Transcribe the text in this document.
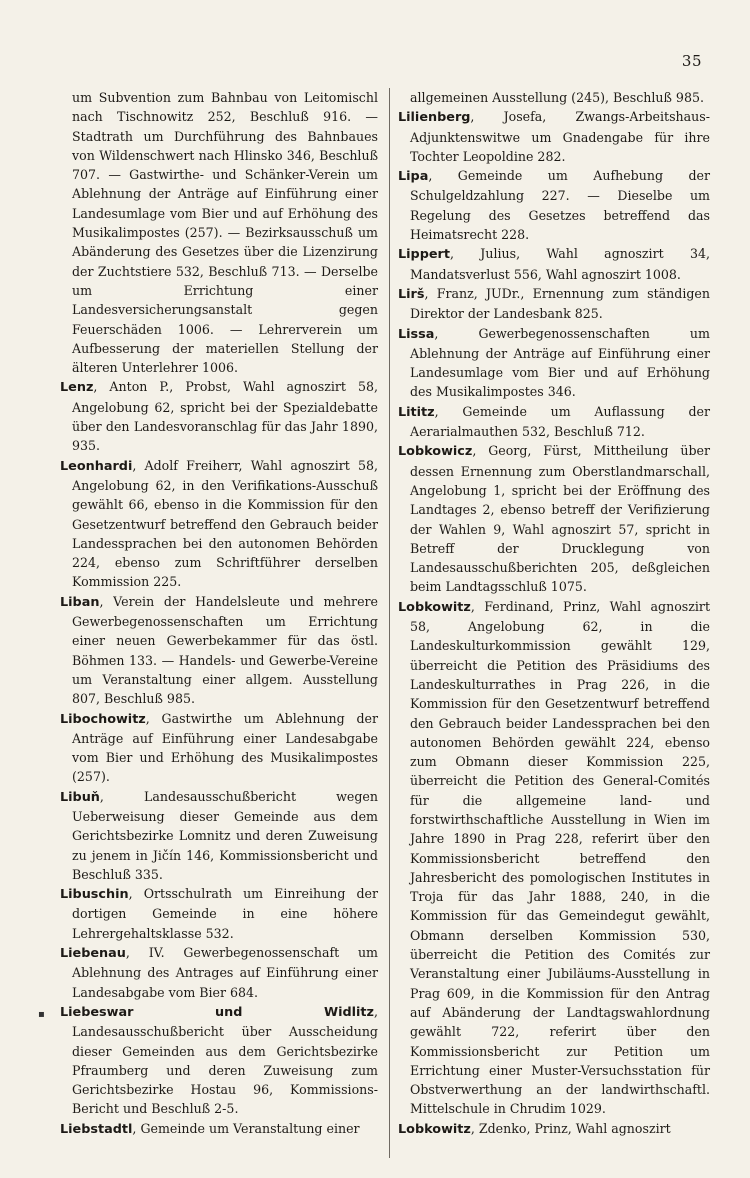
35

um Subvention zum Bahnbau von Leitomischl nach Tischnowitz 252, Beschluß 916. — Stadtrath um Durchführung des Bahnbaues von Wildenschwert nach Hlinsko 346, Beschluß 707. — Gastwirthe- und Schänker-Verein um Ablehnung der Anträge auf Einführung einer Landesumlage vom Bier und auf Erhöhung des Musikalimpostes (257). — Bezirksausschuß um Abänderung des Gesetzes über die Lizenzirung der Zuchtstiere 532, Beschluß 713. — Derselbe um Errichtung einer Landesversicherungsanstalt gegen Feuerschäden 1006. — Lehrerverein um Aufbesserung der materiellen Stellung der älteren Unterlehrer 1006.

Lenz, Anton P., Probst, Wahl agnoszirt 58, Angelobung 62, spricht bei der Spezialdebatte über den Landesvoranschlag für das Jahr 1890, 935.

Leonhardi, Adolf Freiherr, Wahl agnoszirt 58, Angelobung 62, in den Verifikations-Ausschuß gewählt 66, ebenso in die Kommission für den Gesetzentwurf betreffend den Gebrauch beider Landessprachen bei den autonomen Behörden 224, ebenso zum Schriftführer derselben Kommission 225.

Liban, Verein der Handelsleute und mehrere Gewerbegenossenschaften um Errichtung einer neuen Gewerbekammer für das östl. Böhmen 133. — Handels- und Gewerbe-Vereine um Veranstaltung einer allgem. Ausstellung 807, Beschluß 985.

Libochowitz, Gastwirthe um Ablehnung der Anträge auf Einführung einer Landesabgabe vom Bier und Erhöhung des Musikalimpostes (257).

Libuň, Landesausschußbericht wegen Ueberweisung dieser Gemeinde aus dem Gerichtsbezirke Lomnitz und deren Zuweisung zu jenem in Jičín 146, Kommissionsbericht und Beschluß 335.

Libuschin, Ortsschulrath um Einreihung der dortigen Gemeinde in eine höhere Lehrergehaltsklasse 532.

Liebenau, IV. Gewerbegenossenschaft um Ablehnung des Antrages auf Einführung einer Landesabgabe vom Bier 684.

Liebeswar und Widlitz, Landesausschußbericht über Ausscheidung dieser Gemeinden aus dem Gerichtsbezirke Pfraumberg und deren Zuweisung zum Gerichtsbezirke Hostau 96, Kommissions-Bericht und Beschluß 2-5.

Liebstadtl, Gemeinde um Veranstaltung einer

allgemeinen Ausstellung (245), Beschluß 985.

Lilienberg, Josefa, Zwangs-Arbeitshaus-Adjunktenswitwe um Gnadengabe für ihre Tochter Leopoldine 282.

Lipa, Gemeinde um Aufhebung der Schulgeldzahlung 227. — Dieselbe um Regelung des Gesetzes betreffend das Heimatsrecht 228.

Lippert, Julius, Wahl agnoszirt 34, Mandatsverlust 556, Wahl agnoszirt 1008.

Lirš, Franz, JUDr., Ernennung zum ständigen Direktor der Landesbank 825.

Lissa, Gewerbegenossenschaften um Ablehnung der Anträge auf Einführung einer Landesumlage vom Bier und auf Erhöhung des Musikalimpostes 346.

Lititz, Gemeinde um Auflassung der Aerarialmauthen 532, Beschluß 712.

Lobkowicz, Georg, Fürst, Mittheilung über dessen Ernennung zum Oberstlandmarschall, Angelobung 1, spricht bei der Eröffnung des Landtages 2, ebenso betreff der Verifizierung der Wahlen 9, Wahl agnoszirt 57, spricht in Betreff der Drucklegung von Landesausschußberichten 205, deßgleichen beim Landtagsschluß 1075.

Lobkowitz, Ferdinand, Prinz, Wahl agnoszirt 58, Angelobung 62, in die Landeskulturkommission gewählt 129, überreicht die Petition des Präsidiums des Landeskulturrathes in Prag 226, in die Kommission für den Gesetzentwurf betreffend den Gebrauch beider Landessprachen bei den autonomen Behörden gewählt 224, ebenso zum Obmann dieser Kommission 225, überreicht die Petition des General-Comités für die allgemeine land- und forstwirthschaftliche Ausstellung in Wien im Jahre 1890 in Prag 228, referirt über den Kommissionsbericht betreffend den Jahresbericht des pomologischen Institutes in Troja für das Jahr 1888, 240, in die Kommission für das Gemeindegut gewählt, Obmann derselben Kommission 530, überreicht die Petition des Comités zur Veranstaltung einer Jubiläums-Ausstellung in Prag 609, in die Kommission für den Antrag auf Abänderung der Landtagswahlordnung gewählt 722, referirt über den Kommissionsbericht zur Petition um Errichtung einer Muster-Versuchsstation für Obstverwerthung an der landwirthschaftl. Mittelschule in Chrudim 1029.

Lobkowitz, Zdenko, Prinz, Wahl agnoszirt

▪
